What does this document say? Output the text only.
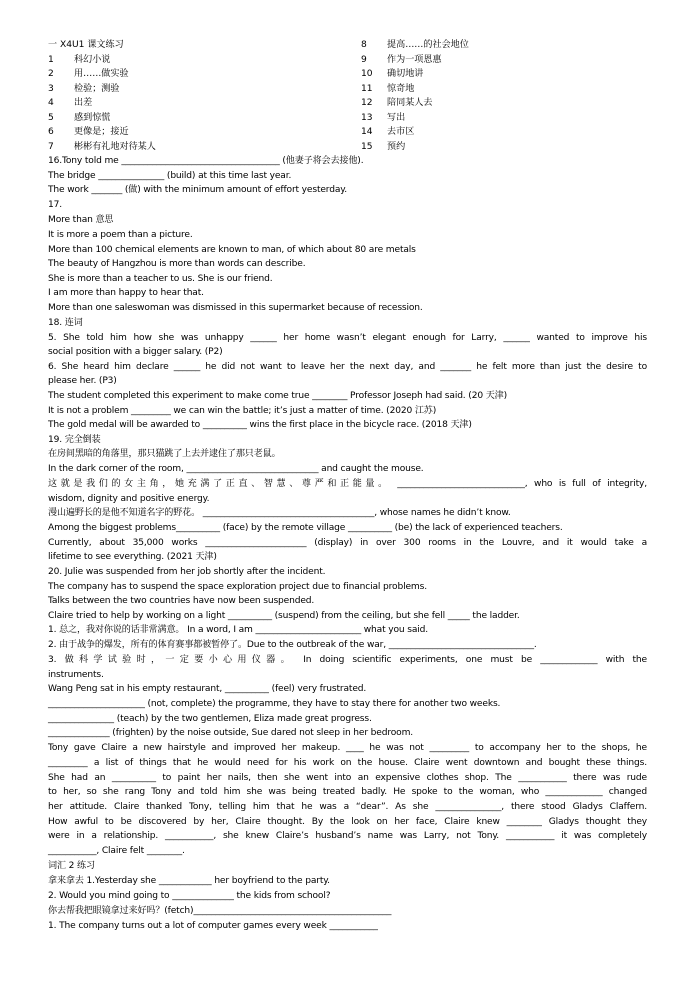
一 X4U1 课文练习
1 科幻小说
2 用……做实验
3 检验；测验
4 出差
5 感到惊慌
6 更像是；接近
7 彬彬有礼地对待某人
8 提高……的社会地位
9 作为一项恩惠
10 确切地讲
11 惊奇地
12 陪同某人去
13 写出
14 去市区
15 预约
16.Tony told me ____________________________________ (他妻子将会去接他).
The bridge _______________ (build) at this time last year.
The work _______ (做) with the minimum amount of effort yesterday.
17.
More than 意思
It is more a poem than a picture.
More than 100 chemical elements are known to man, of which about 80 are metals
The beauty of Hangzhou is more than words can describe.
She is more than a teacher to us. She is our friend.
I am more than happy to hear that.
More than one saleswoman was dismissed in this supermarket because of recession.
18. 连词
5. She told him how she was unhappy ______ her home wasn’t elegant enough for Larry, ______ wanted to improve his
social position with a bigger salary. (P2)
6. She heard him declare ______ he did not want to leave her the next day, and _______ he felt more than just the desire to
please her. (P3)
The student completed this experiment to make come true ________ Professor Joseph had said. (20 天津)
It is not a problem _________ we can win the battle; it’s just a matter of time. (2020 江苏)
The gold medal will be awarded to __________ wins the first place in the bicycle race. (2018 天津)
19. 完全倒装
在房间黑暗的角落里，那只猫跳了上去并逮住了那只老鼠。
In the dark corner of the room, ______________________________ and caught the mouse.
这就是我们的女主角，她充满了正直、智慧、尊严和正能量。 _____________________________, who is full of integrity,
wisdom, dignity and positive energy.
漫山遍野长的是他不知道名字的野花。 _______________________________________, whose names he didn’t know.
Among the biggest problems__________ (face) by the remote village __________ (be) the lack of experienced teachers.
Currently, about 35,000 works _______________________ (display) in over 300 rooms in the Louvre, and it would take a
lifetime to see everything. (2021 天津)
20. Julie was suspended from her job shortly after the incident.
The company has to suspend the space exploration project due to financial problems.
Talks between the two countries have now been suspended.
Claire tried to help by working on a light __________ (suspend) from the ceiling, but she fell _____ the ladder.
1. 总之，我对你说的话非常满意。 In a word, I am ________________________ what you said.
2. 由于战争的爆发，所有的体育赛事都被暂停了。Due to the outbreak of the war, _________________________________.
3. 做科学试验时，一定要小心用仪器。 In doing scientific experiments, one must be _____________ with the
instruments.
Wang Peng sat in his empty restaurant, __________ (feel) very frustrated.
______________________ (not, complete) the programme, they have to stay there for another two weeks.
_______________ (teach) by the two gentlemen, Eliza made great progress.
______________ (frighten) by the noise outside, Sue dared not sleep in her bedroom.
Tony gave Claire a new hairstyle and improved her makeup. ____ he was not _________ to accompany her to the shops, he
_________ a list of things that he would need for his work on the house. Claire went downtown and bought these things.
She had an __________ to paint her nails, then she went into an expensive clothes shop. The ___________ there was rude
to her, so she rang Tony and told him she was being treated badly. He spoke to the woman, who _____________ changed
her attitude. Claire thanked Tony, telling him that he was a “dear”. As she _______________, there stood Gladys Claffern.
How awful to be discovered by her, Claire thought. By the look on her face, Claire knew ________ Gladys thought they
were in a relationship. ___________, she knew Claire’s husband’s name was Larry, not Tony. ___________ it was completely
___________, Claire felt ________.
词汇 2 练习
拿来拿去 1.Yesterday she ____________ her boyfriend to the party.
2. Would you mind going to ______________ the kids from school?
你去帮我把眼镜拿过来好吗？(fetch)_____________________________________________
1. The company turns out a lot of computer games every week ___________
